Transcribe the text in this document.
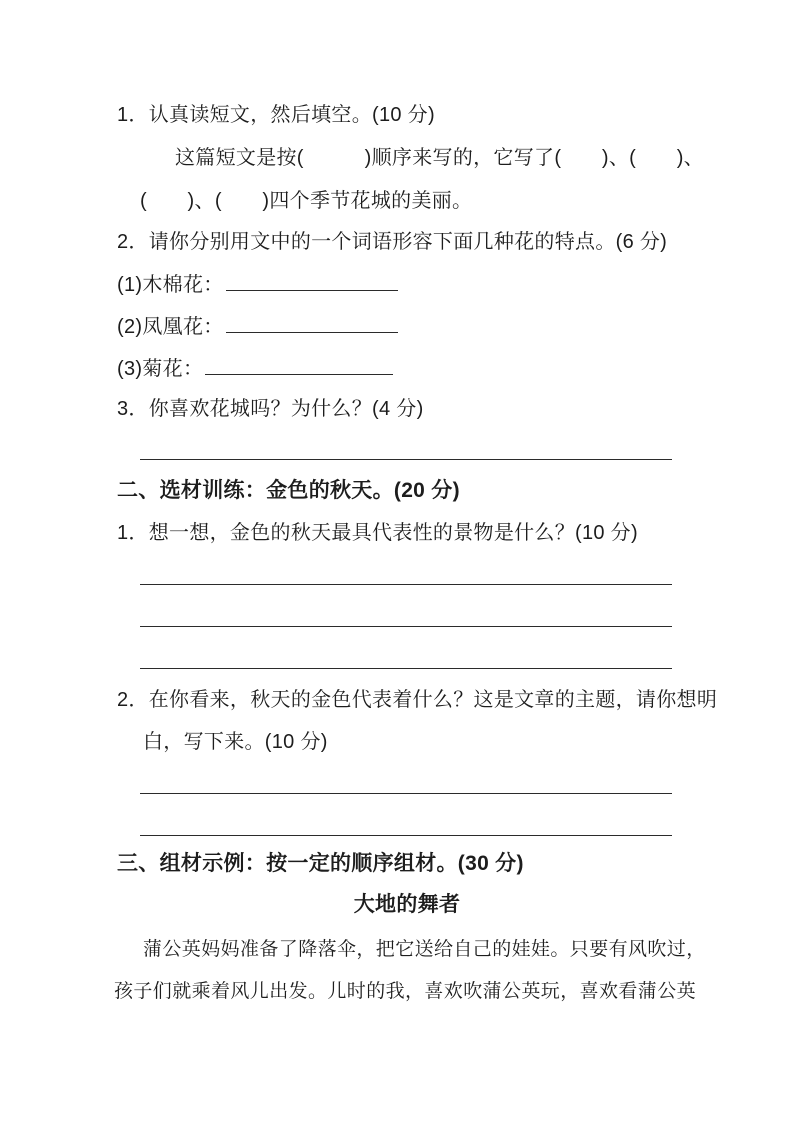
1．认真读短文，然后填空。(10 分)
这篇短文是按(　　　)顺序来写的，它写了(　　)、(　　)、
(　　)、(　　)四个季节花城的美丽。
2．请你分别用文中的一个词语形容下面几种花的特点。(6 分)
(1)木棉花：
(2)凤凰花：
(3)菊花：
3．你喜欢花城吗？为什么？(4 分)
二、选材训练：金色的秋天。(20 分)
1．想一想，金色的秋天最具代表性的景物是什么？(10 分)
2．在你看来，秋天的金色代表着什么？这是文章的主题，请你想明
白，写下来。(10 分)
三、组材示例：按一定的顺序组材。(30 分)
大地的舞者
蒲公英妈妈准备了降落伞，把它送给自己的娃娃。只要有风吹过，
孩子们就乘着风儿出发。儿时的我，喜欢吹蒲公英玩，喜欢看蒲公英
